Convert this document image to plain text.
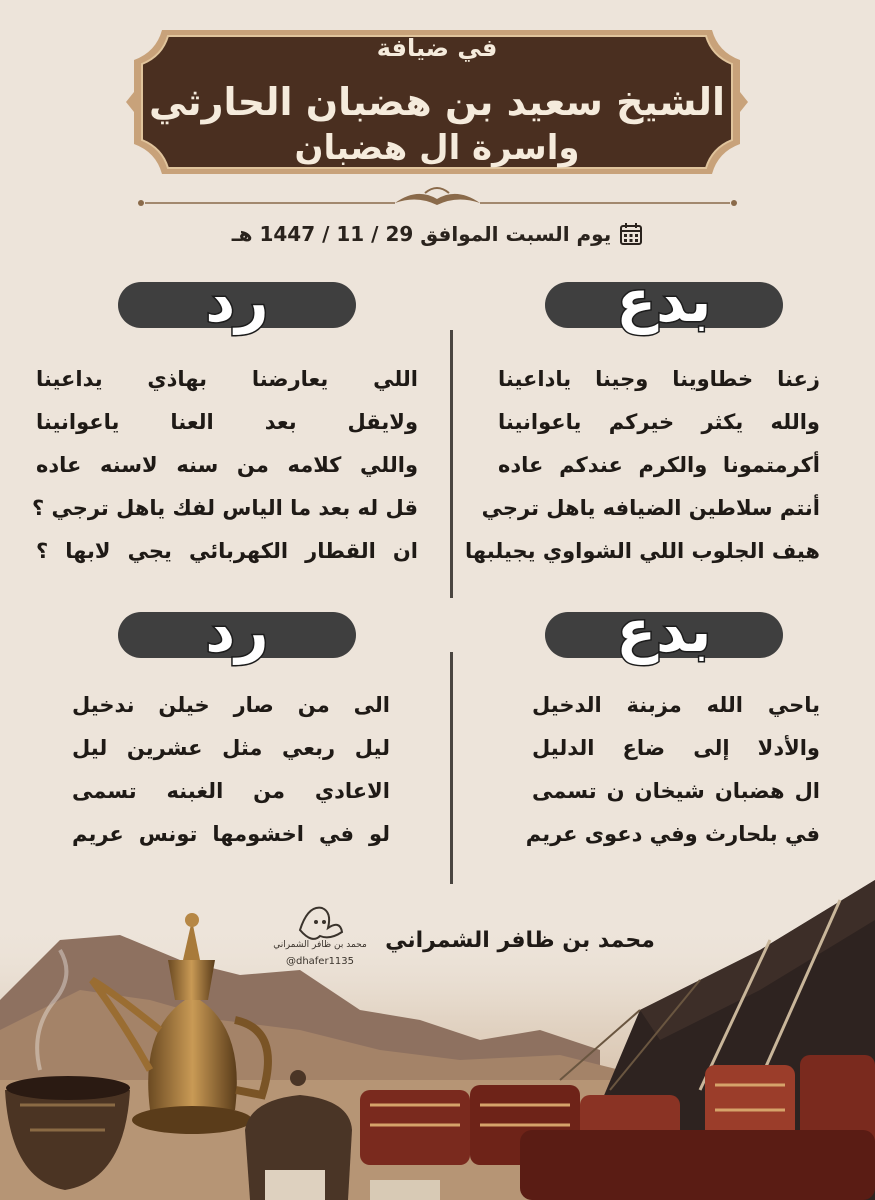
في ضيافة
الشيخ سعيد بن هضبان الحارثي
واسرة ال هضبان
يوم السبت الموافق 29 / 11 / 1447 هـ
بدع
رد
بدع
رد
زعنا خطاوينا وجينا ياداعينا
والله يكثر خيركم ياعوانينا
أكرمتمونا والكرم عندكم عاده
أنتم سلاطين الضيافه ياهل ترجي
هيف الجلوب اللي الشواوي يجيلبها
اللي يعارضنا بهاذي يداعينا
ولايقل بعد العنا ياعوانينا
واللي كلامه من سنه لاسنه عاده
قل له بعد ما الياس لفك ياهل ترجي ؟
ان القطار الكهربائي يجي لابها ؟
ياحي الله مزبنة الدخيل
والأدلا إلى ضاع الدليل
ال هضبان شيخان ن تسمى
في بلحارث وفي دعوى عريم
الى من صار خيلن ندخيل
ليل ربعي مثل عشرين ليل
الاعادي من الغبنه تسمى
لو في اخشومها تونس عريم
محمد بن ظافر الشمراني
@dhafer1135
محمد بن ظافر الشمراني
